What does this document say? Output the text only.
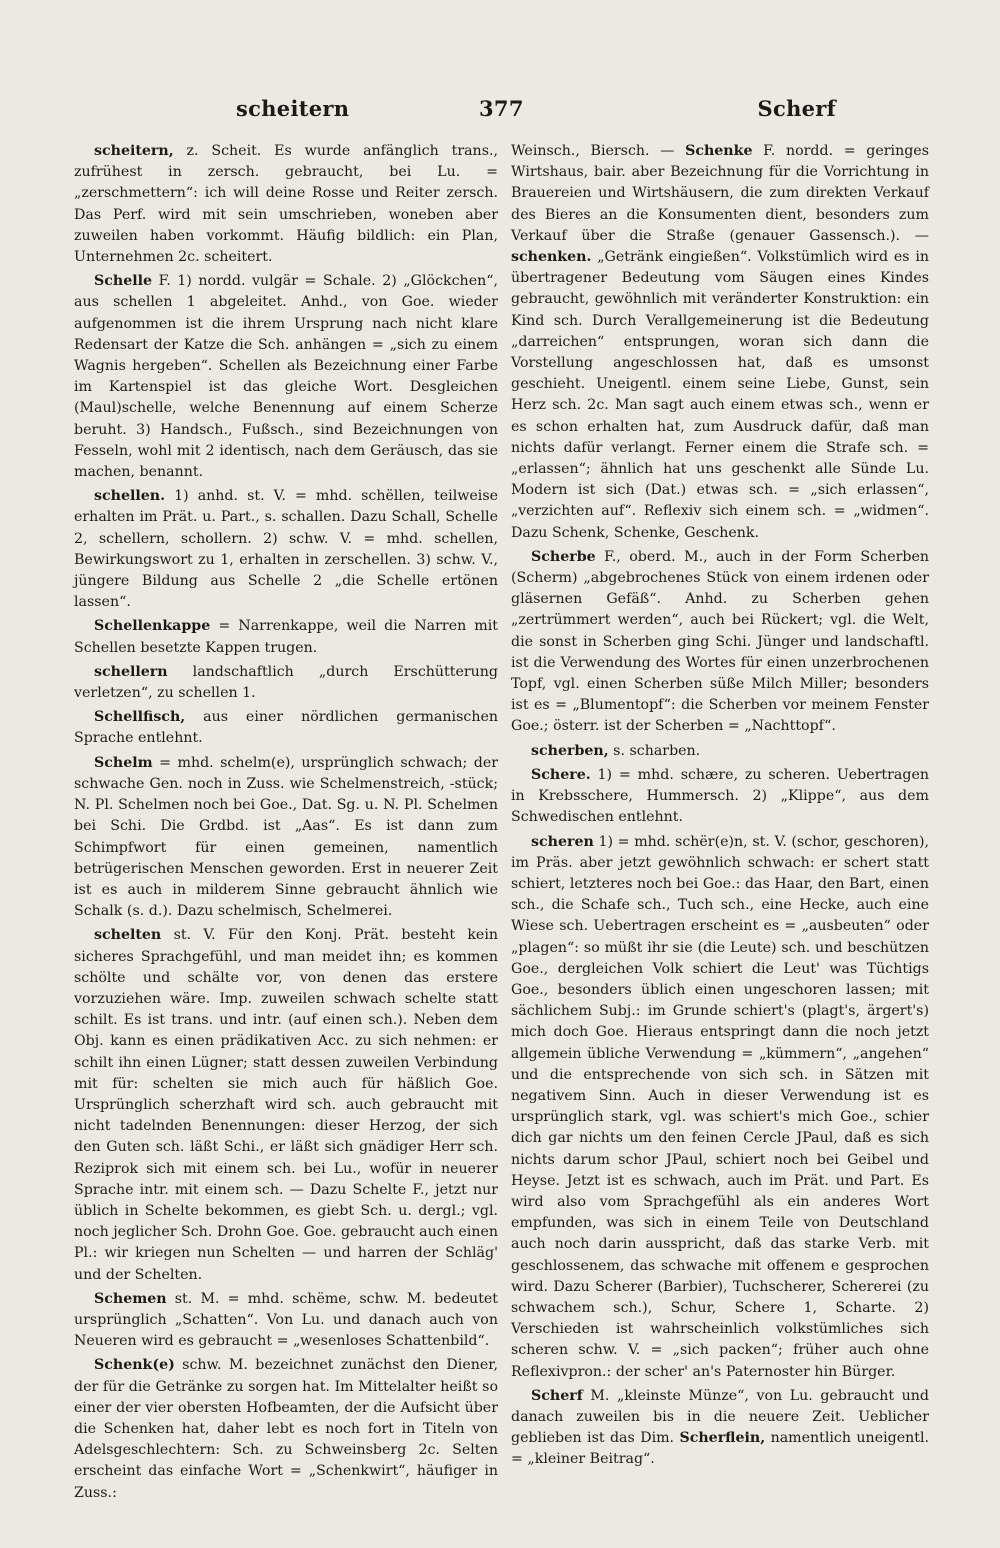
scheitern	377	Scherf

scheitern, z. Scheit. Es wurde anfänglich trans., zufrühest in zersch. gebraucht, bei Lu. = „zerschmettern“: ich will deine Rosse und Reiter zersch. Das Perf. wird mit sein umschrieben, woneben aber zuweilen haben vorkommt. Häufig bildlich: ein Plan, Unternehmen 2c. scheitert.

Schelle F. 1) nordd. vulgär = Schale. 2) „Glöckchen“, aus schellen 1 abgeleitet. Anhd., von Goe. wieder aufgenommen ist die ihrem Ursprung nach nicht klare Redensart der Katze die Sch. anhängen = „sich zu einem Wagnis hergeben“. Schellen als Bezeichnung einer Farbe im Kartenspiel ist das gleiche Wort. Desgleichen (Maul)schelle, welche Benennung auf einem Scherze beruht. 3) Handsch., Fußsch., sind Bezeichnungen von Fesseln, wohl mit 2 identisch, nach dem Geräusch, das sie machen, benannt.

schellen. 1) anhd. st. V. = mhd. schëllen, teilweise erhalten im Prät. u. Part., s. schallen. Dazu Schall, Schelle 2, schellern, schollern. 2) schw. V. = mhd. schellen, Bewirkungswort zu 1, erhalten in zerschellen. 3) schw. V., jüngere Bildung aus Schelle 2 „die Schelle ertönen lassen“.

Schellenkappe = Narrenkappe, weil die Narren mit Schellen besetzte Kappen trugen.

schellern landschaftlich „durch Erschütterung verletzen“, zu schellen 1.

Schellfisch, aus einer nördlichen germanischen Sprache entlehnt.

Schelm = mhd. schelm(e), ursprünglich schwach; der schwache Gen. noch in Zuss. wie Schelmenstreich, -stück; N. Pl. Schelmen noch bei Goe., Dat. Sg. u. N. Pl. Schelmen bei Schi. Die Grdbd. ist „Aas“. Es ist dann zum Schimpfwort für einen gemeinen, namentlich betrügerischen Menschen geworden. Erst in neuerer Zeit ist es auch in milderem Sinne gebraucht ähnlich wie Schalk (s. d.). Dazu schelmisch, Schelmerei.

schelten st. V. Für den Konj. Prät. besteht kein sicheres Sprachgefühl, und man meidet ihn; es kommen schölte und schälte vor, von denen das erstere vorzuziehen wäre. Imp. zuweilen schwach schelte statt schilt. Es ist trans. und intr. (auf einen sch.). Neben dem Obj. kann es einen prädikativen Acc. zu sich nehmen: er schilt ihn einen Lügner; statt dessen zuweilen Verbindung mit für: schelten sie mich auch für häßlich Goe. Ursprünglich scherzhaft wird sch. auch gebraucht mit nicht tadelnden Benennungen: dieser Herzog, der sich den Guten sch. läßt Schi., er läßt sich gnädiger Herr sch. Reziprok sich mit einem sch. bei Lu., wofür in neuerer Sprache intr. mit einem sch. — Dazu Schelte F., jetzt nur üblich in Schelte bekommen, es giebt Sch. u. dergl.; vgl. noch jeglicher Sch. Drohn Goe. Goe. gebraucht auch einen Pl.: wir kriegen nun Schelten — und harren der Schläg' und der Schelten.

Schemen st. M. = mhd. schëme, schw. M. bedeutet ursprünglich „Schatten“. Von Lu. und danach auch von Neueren wird es gebraucht = „wesenloses Schattenbild“.

Schenk(e) schw. M. bezeichnet zunächst den Diener, der für die Getränke zu sorgen hat. Im Mittelalter heißt so einer der vier obersten Hofbeamten, der die Aufsicht über die Schenken hat, daher lebt es noch fort in Titeln von Adelsgeschlechtern: Sch. zu Schweinsberg 2c. Selten erscheint das einfache Wort = „Schenkwirt“, häufiger in Zuss.:

Weinsch., Biersch. — Schenke F. nordd. = geringes Wirtshaus, bair. aber Bezeichnung für die Vorrichtung in Brauereien und Wirtshäusern, die zum direkten Verkauf des Bieres an die Konsumenten dient, besonders zum Verkauf über die Straße (genauer Gassensch.). — schenken. „Getränk eingießen“. Volkstümlich wird es in übertragener Bedeutung vom Säugen eines Kindes gebraucht, gewöhnlich mit veränderter Konstruktion: ein Kind sch. Durch Verallgemeinerung ist die Bedeutung „darreichen“ entsprungen, woran sich dann die Vorstellung angeschlossen hat, daß es umsonst geschieht. Uneigentl. einem seine Liebe, Gunst, sein Herz sch. 2c. Man sagt auch einem etwas sch., wenn er es schon erhalten hat, zum Ausdruck dafür, daß man nichts dafür verlangt. Ferner einem die Strafe sch. = „erlassen“; ähnlich hat uns geschenkt alle Sünde Lu. Modern ist sich (Dat.) etwas sch. = „sich erlassen“, „verzichten auf“. Reflexiv sich einem sch. = „widmen“. Dazu Schenk, Schenke, Geschenk.

Scherbe F., oberd. M., auch in der Form Scherben (Scherm) „abgebrochenes Stück von einem irdenen oder gläsernen Gefäß“. Anhd. zu Scherben gehen „zertrümmert werden“, auch bei Rückert; vgl. die Welt, die sonst in Scherben ging Schi. Jünger und landschaftl. ist die Verwendung des Wortes für einen unzerbrochenen Topf, vgl. einen Scherben süße Milch Miller; besonders ist es = „Blumentopf“: die Scherben vor meinem Fenster Goe.; österr. ist der Scherben = „Nachttopf“.

scherben, s. scharben.

Schere. 1) = mhd. schære, zu scheren. Uebertragen in Krebsschere, Hummersch. 2) „Klippe“, aus dem Schwedischen entlehnt.

scheren 1) = mhd. schër(e)n, st. V. (schor, geschoren), im Präs. aber jetzt gewöhnlich schwach: er schert statt schiert, letzteres noch bei Goe.: das Haar, den Bart, einen sch., die Schafe sch., Tuch sch., eine Hecke, auch eine Wiese sch. Uebertragen erscheint es = „ausbeuten“ oder „plagen“: so müßt ihr sie (die Leute) sch. und beschützen Goe., dergleichen Volk schiert die Leut' was Tüchtigs Goe., besonders üblich einen ungeschoren lassen; mit sächlichem Subj.: im Grunde schiert's (plagt's, ärgert's) mich doch Goe. Hieraus entspringt dann die noch jetzt allgemein übliche Verwendung = „kümmern“, „angehen“ und die entsprechende von sich sch. in Sätzen mit negativem Sinn. Auch in dieser Verwendung ist es ursprünglich stark, vgl. was schiert's mich Goe., schier dich gar nichts um den feinen Cercle JPaul, daß es sich nichts darum schor JPaul, schiert noch bei Geibel und Heyse. Jetzt ist es schwach, auch im Prät. und Part. Es wird also vom Sprachgefühl als ein anderes Wort empfunden, was sich in einem Teile von Deutschland auch noch darin ausspricht, daß das starke Verb. mit geschlossenem, das schwache mit offenem e gesprochen wird. Dazu Scherer (Barbier), Tuchscherer, Schererei (zu schwachem sch.), Schur, Schere 1, Scharte. 2) Verschieden ist wahrscheinlich volkstümliches sich scheren schw. V. = „sich packen“; früher auch ohne Reflexivpron.: der scher' an's Paternoster hin Bürger.

Scherf M. „kleinste Münze“, von Lu. gebraucht und danach zuweilen bis in die neuere Zeit. Ueblicher geblieben ist das Dim. Scherflein, namentlich uneigentl. = „kleiner Beitrag“.
